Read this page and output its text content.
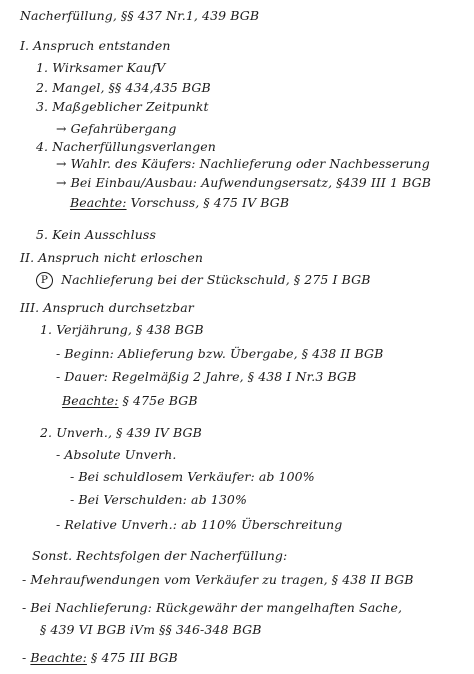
Nacherfüllung, §§ 437 Nr.1, 439 BGB
I. Anspruch entstanden
1. Wirksamer KaufV
2. Mangel, §§ 434,435 BGB
3. Maßgeblicher Zeitpunkt
→ Gefahrübergang
4. Nacherfüllungsverlangen
→ Wahlr. des Käufers: Nachlieferung oder Nachbesserung
→ Bei Einbau/Ausbau: Aufwendungsersatz, §439 III 1 BGB
Beachte: Vorschuss, § 475 IV BGB
5. Kein Ausschluss
II. Anspruch nicht erloschen
P Nachlieferung bei der Stückschuld, § 275 I BGB
III. Anspruch durchsetzbar
1. Verjährung, § 438 BGB
- Beginn: Ablieferung bzw. Übergabe, § 438 II BGB
- Dauer: Regelmäßig 2 Jahre, § 438 I Nr.3 BGB
Beachte: § 475e BGB
2. Unverh., § 439 IV BGB
- Absolute Unverh.
- Bei schuldlosem Verkäufer: ab 100%
- Bei Verschulden: ab 130%
- Relative Unverh.: ab 110% Überschreitung
Sonst. Rechtsfolgen der Nacherfüllung:
- Mehraufwendungen vom Verkäufer zu tragen, § 438 II BGB
- Bei Nachlieferung: Rückgewähr der mangelhaften Sache,
§ 439 VI BGB iVm §§ 346-348 BGB
- Beachte: § 475 III BGB
